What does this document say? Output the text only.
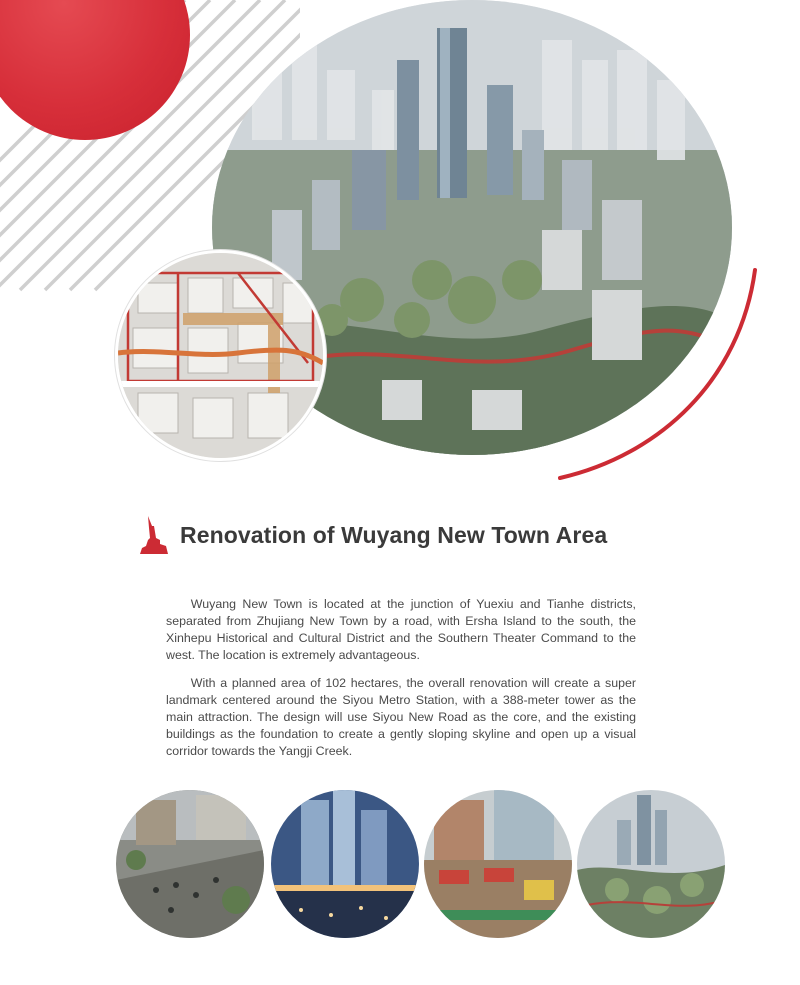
Renovation of Wuyang New Town Area

Wuyang New Town is located at the junction of Yuexiu and Tianhe districts, separated from Zhujiang New Town by a road, with Ersha Island to the south, the Xinhepu Historical and Cultural District and the Southern Theater Command to the west. The location is extremely advantageous.

With a planned area of 102 hectares, the overall renovation will create a super landmark centered around the Siyou Metro Station, with a 388-meter tower as the main attraction. The design will use Siyou New Road as the core, and the existing buildings as the foundation to create a gently sloping skyline and open up a visual corridor towards the Yangji Creek.
